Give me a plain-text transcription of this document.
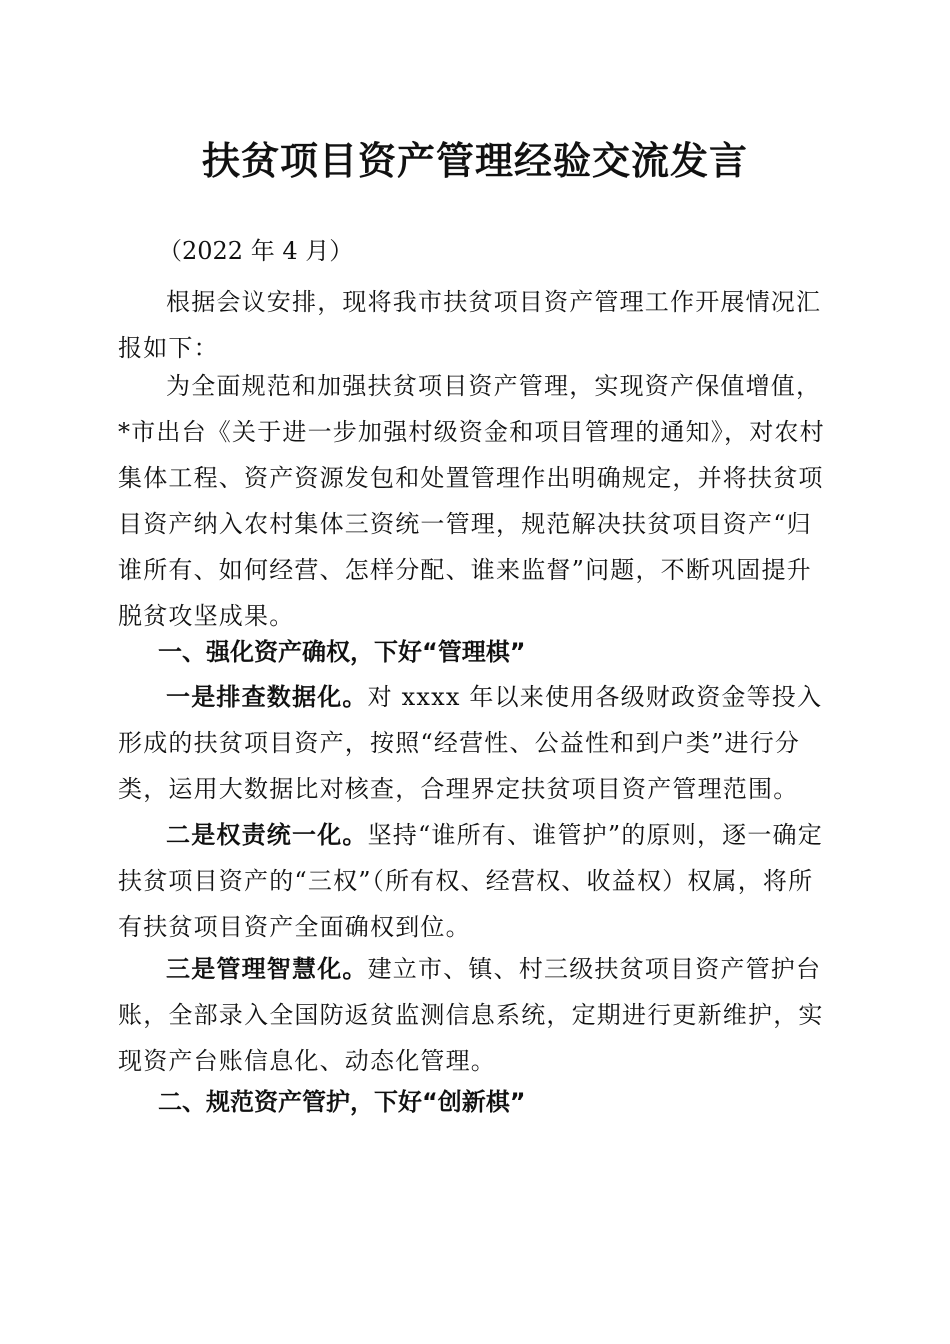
扶贫项目资产管理经验交流发言
（2022 年 4 月）

根据会议安排，现将我市扶贫项目资产管理工作开展情况汇报如下：

为全面规范和加强扶贫项目资产管理，实现资产保值增值，*市出台《关于进一步加强村级资金和项目管理的通知》，对农村集体工程、资产资源发包和处置管理作出明确规定，并将扶贫项目资产纳入农村集体三资统一管理，规范解决扶贫项目资产“归谁所有、如何经营、怎样分配、谁来监督”问题，不断巩固提升脱贫攻坚成果。

一、强化资产确权，下好“管理棋”

一是排查数据化。对 xxxx 年以来使用各级财政资金等投入形成的扶贫项目资产，按照“经营性、公益性和到户类”进行分类，运用大数据比对核查，合理界定扶贫项目资产管理范围。

二是权责统一化。坚持“谁所有、谁管护”的原则，逐一确定扶贫项目资产的“三权”（所有权、经营权、收益权）权属，将所有扶贫项目资产全面确权到位。

三是管理智慧化。建立市、镇、村三级扶贫项目资产管护台账，全部录入全国防返贫监测信息系统，定期进行更新维护，实现资产台账信息化、动态化管理。

二、规范资产管护，下好“创新棋”
